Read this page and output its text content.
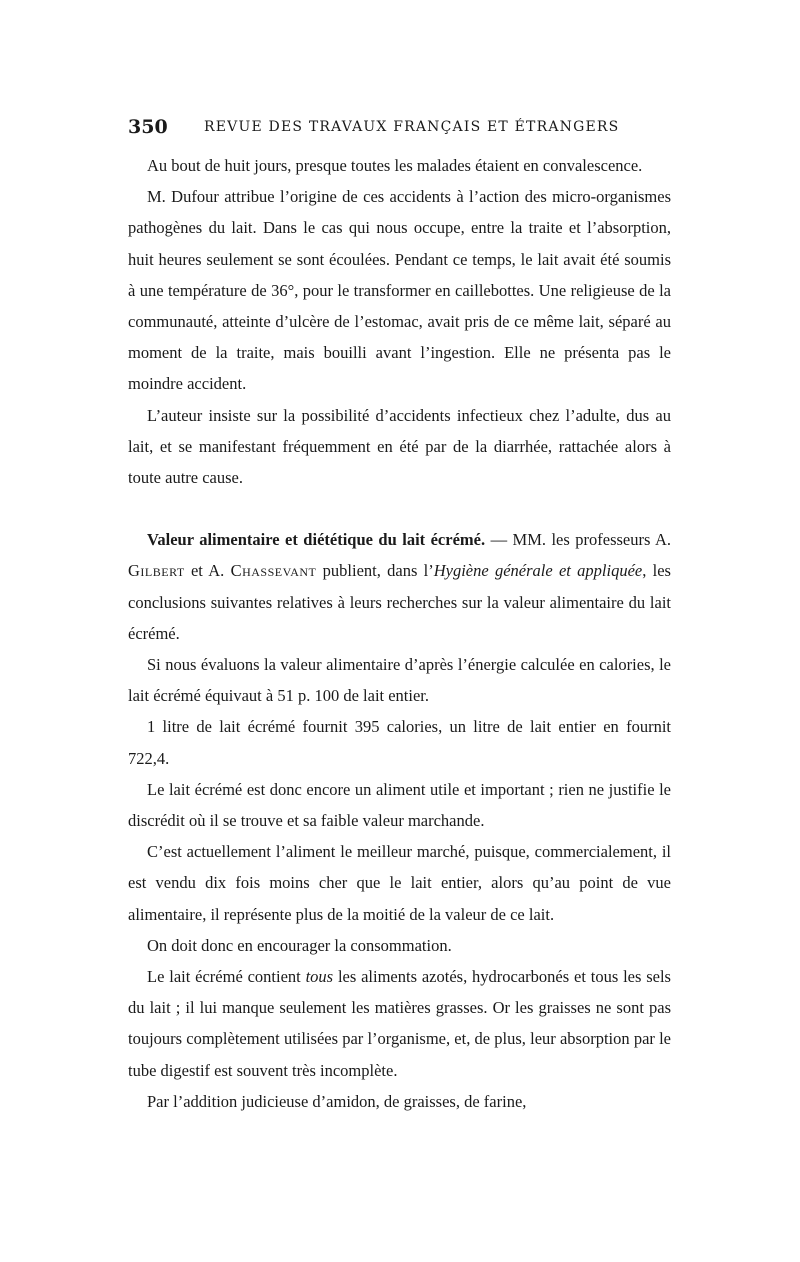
350	REVUE DES TRAVAUX FRANÇAIS ET ÉTRANGERS

Au bout de huit jours, presque toutes les malades étaient en convalescence.

M. Dufour attribue l’origine de ces accidents à l’action des micro-organismes pathogènes du lait. Dans le cas qui nous occupe, entre la traite et l’absorption, huit heures seulement se sont écoulées. Pendant ce temps, le lait avait été soumis à une température de 36°, pour le transformer en caillebottes. Une religieuse de la communauté, atteinte d’ulcère de l’estomac, avait pris de ce même lait, séparé au moment de la traite, mais bouilli avant l’ingestion. Elle ne présenta pas le moindre accident.

L’auteur insiste sur la possibilité d’accidents infectieux chez l’adulte, dus au lait, et se manifestant fréquemment en été par de la diarrhée, rattachée alors à toute autre cause.

Valeur alimentaire et diététique du lait écrémé. — MM. les professeurs A. Gilbert et A. Chassevant publient, dans l’Hygiène générale et appliquée, les conclusions suivantes relatives à leurs recherches sur la valeur alimentaire du lait écrémé.

Si nous évaluons la valeur alimentaire d’après l’énergie calculée en calories, le lait écrémé équivaut à 51 p. 100 de lait entier.

1 litre de lait écrémé fournit 395 calories, un litre de lait entier en fournit 722,4.

Le lait écrémé est donc encore un aliment utile et important ; rien ne justifie le discrédit où il se trouve et sa faible valeur marchande.

C’est actuellement l’aliment le meilleur marché, puisque, commercialement, il est vendu dix fois moins cher que le lait entier, alors qu’au point de vue alimentaire, il représente plus de la moitié de la valeur de ce lait.

On doit donc en encourager la consommation.

Le lait écrémé contient tous les aliments azotés, hydrocarbonés et tous les sels du lait ; il lui manque seulement les matières grasses. Or les graisses ne sont pas toujours complètement utilisées par l’organisme, et, de plus, leur absorption par le tube digestif est souvent très incomplète.

Par l’addition judicieuse d’amidon, de graisses, de farine,
